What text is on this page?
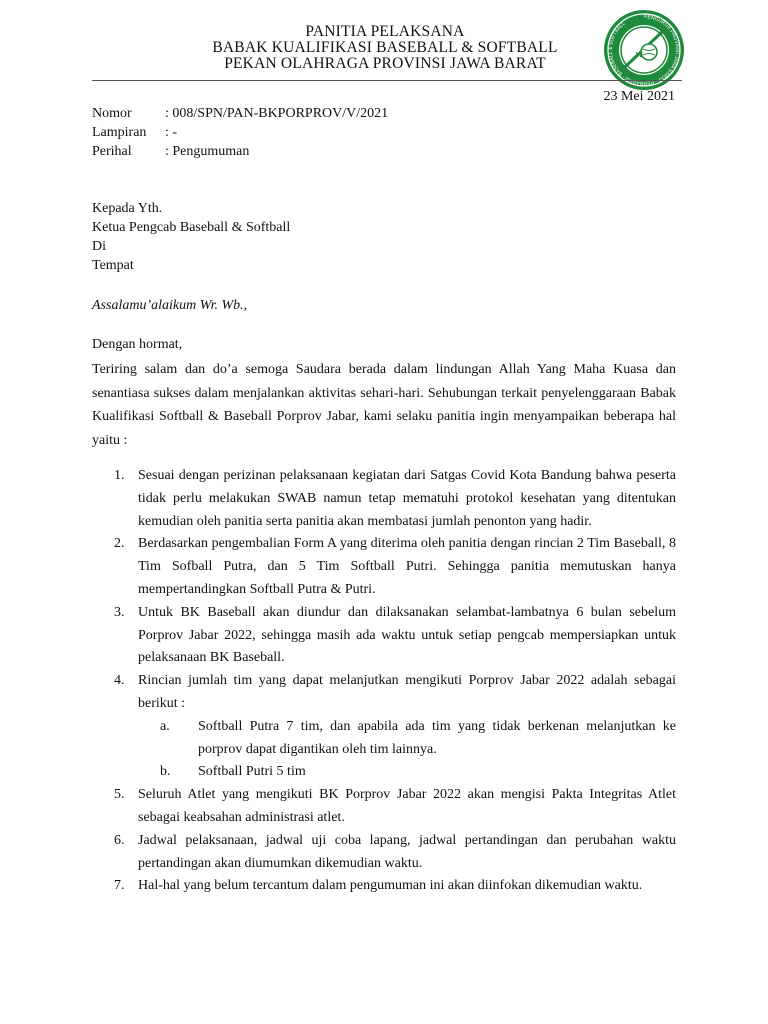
PANITIA PELAKSANA
BABAK KUALIFIKASI BASEBALL & SOFTBALL
PEKAN OLAHRAGA PROVINSI JAWA BARAT	W
PENGURUS PROVINSI JAWA BARAT · PERBASASI · BASEBALL & SOFTBALL
23 Mei 2021
Nomor	: 008/SPN/PAN-BKPORPROV/V/2021
Lampiran	: -
Perihal	: Pengumuman
Kepada Yth.
Ketua Pengcab Baseball & Softball
Di
Tempat
Assalamu’alaikum Wr. Wb.,
Dengan hormat,

Teriring salam dan do’a semoga Saudara berada dalam lindungan Allah Yang Maha Kuasa dan senantiasa sukses dalam menjalankan aktivitas sehari-hari. Sehubungan terkait penyelenggaraan Babak Kualifikasi Softball & Baseball Porprov Jabar, kami selaku panitia ingin menyampaikan beberapa hal yaitu :

1. Sesuai dengan perizinan pelaksanaan kegiatan dari Satgas Covid Kota Bandung bahwa peserta tidak perlu melakukan SWAB namun tetap mematuhi protokol kesehatan yang ditentukan kemudian oleh panitia serta panitia akan membatasi jumlah penonton yang hadir.
2. Berdasarkan pengembalian Form A yang diterima oleh panitia dengan rincian 2 Tim Baseball, 8 Tim Sofball Putra, dan 5 Tim Softball Putri. Sehingga panitia memutuskan hanya mempertandingkan Softball Putra & Putri.
3. Untuk BK Baseball akan diundur dan dilaksanakan selambat-lambatnya 6 bulan sebelum Porprov Jabar 2022, sehingga masih ada waktu untuk setiap pengcab mempersiapkan untuk pelaksanaan BK Baseball.
4. Rincian jumlah tim yang dapat melanjutkan mengikuti Porprov Jabar 2022 adalah sebagai berikut :
a.	Softball Putra 7 tim, dan apabila ada tim yang tidak berkenan melanjutkan ke porprov dapat digantikan oleh tim lainnya.
b.	Softball Putri 5 tim
5. Seluruh Atlet yang mengikuti BK Porprov Jabar 2022 akan mengisi Pakta Integritas Atlet sebagai keabsahan administrasi atlet.
6. Jadwal pelaksanaan, jadwal uji coba lapang, jadwal pertandingan dan perubahan waktu pertandingan akan diumumkan dikemudian waktu.
7. Hal-hal yang belum tercantum dalam pengumuman ini akan diinfokan dikemudian waktu.
